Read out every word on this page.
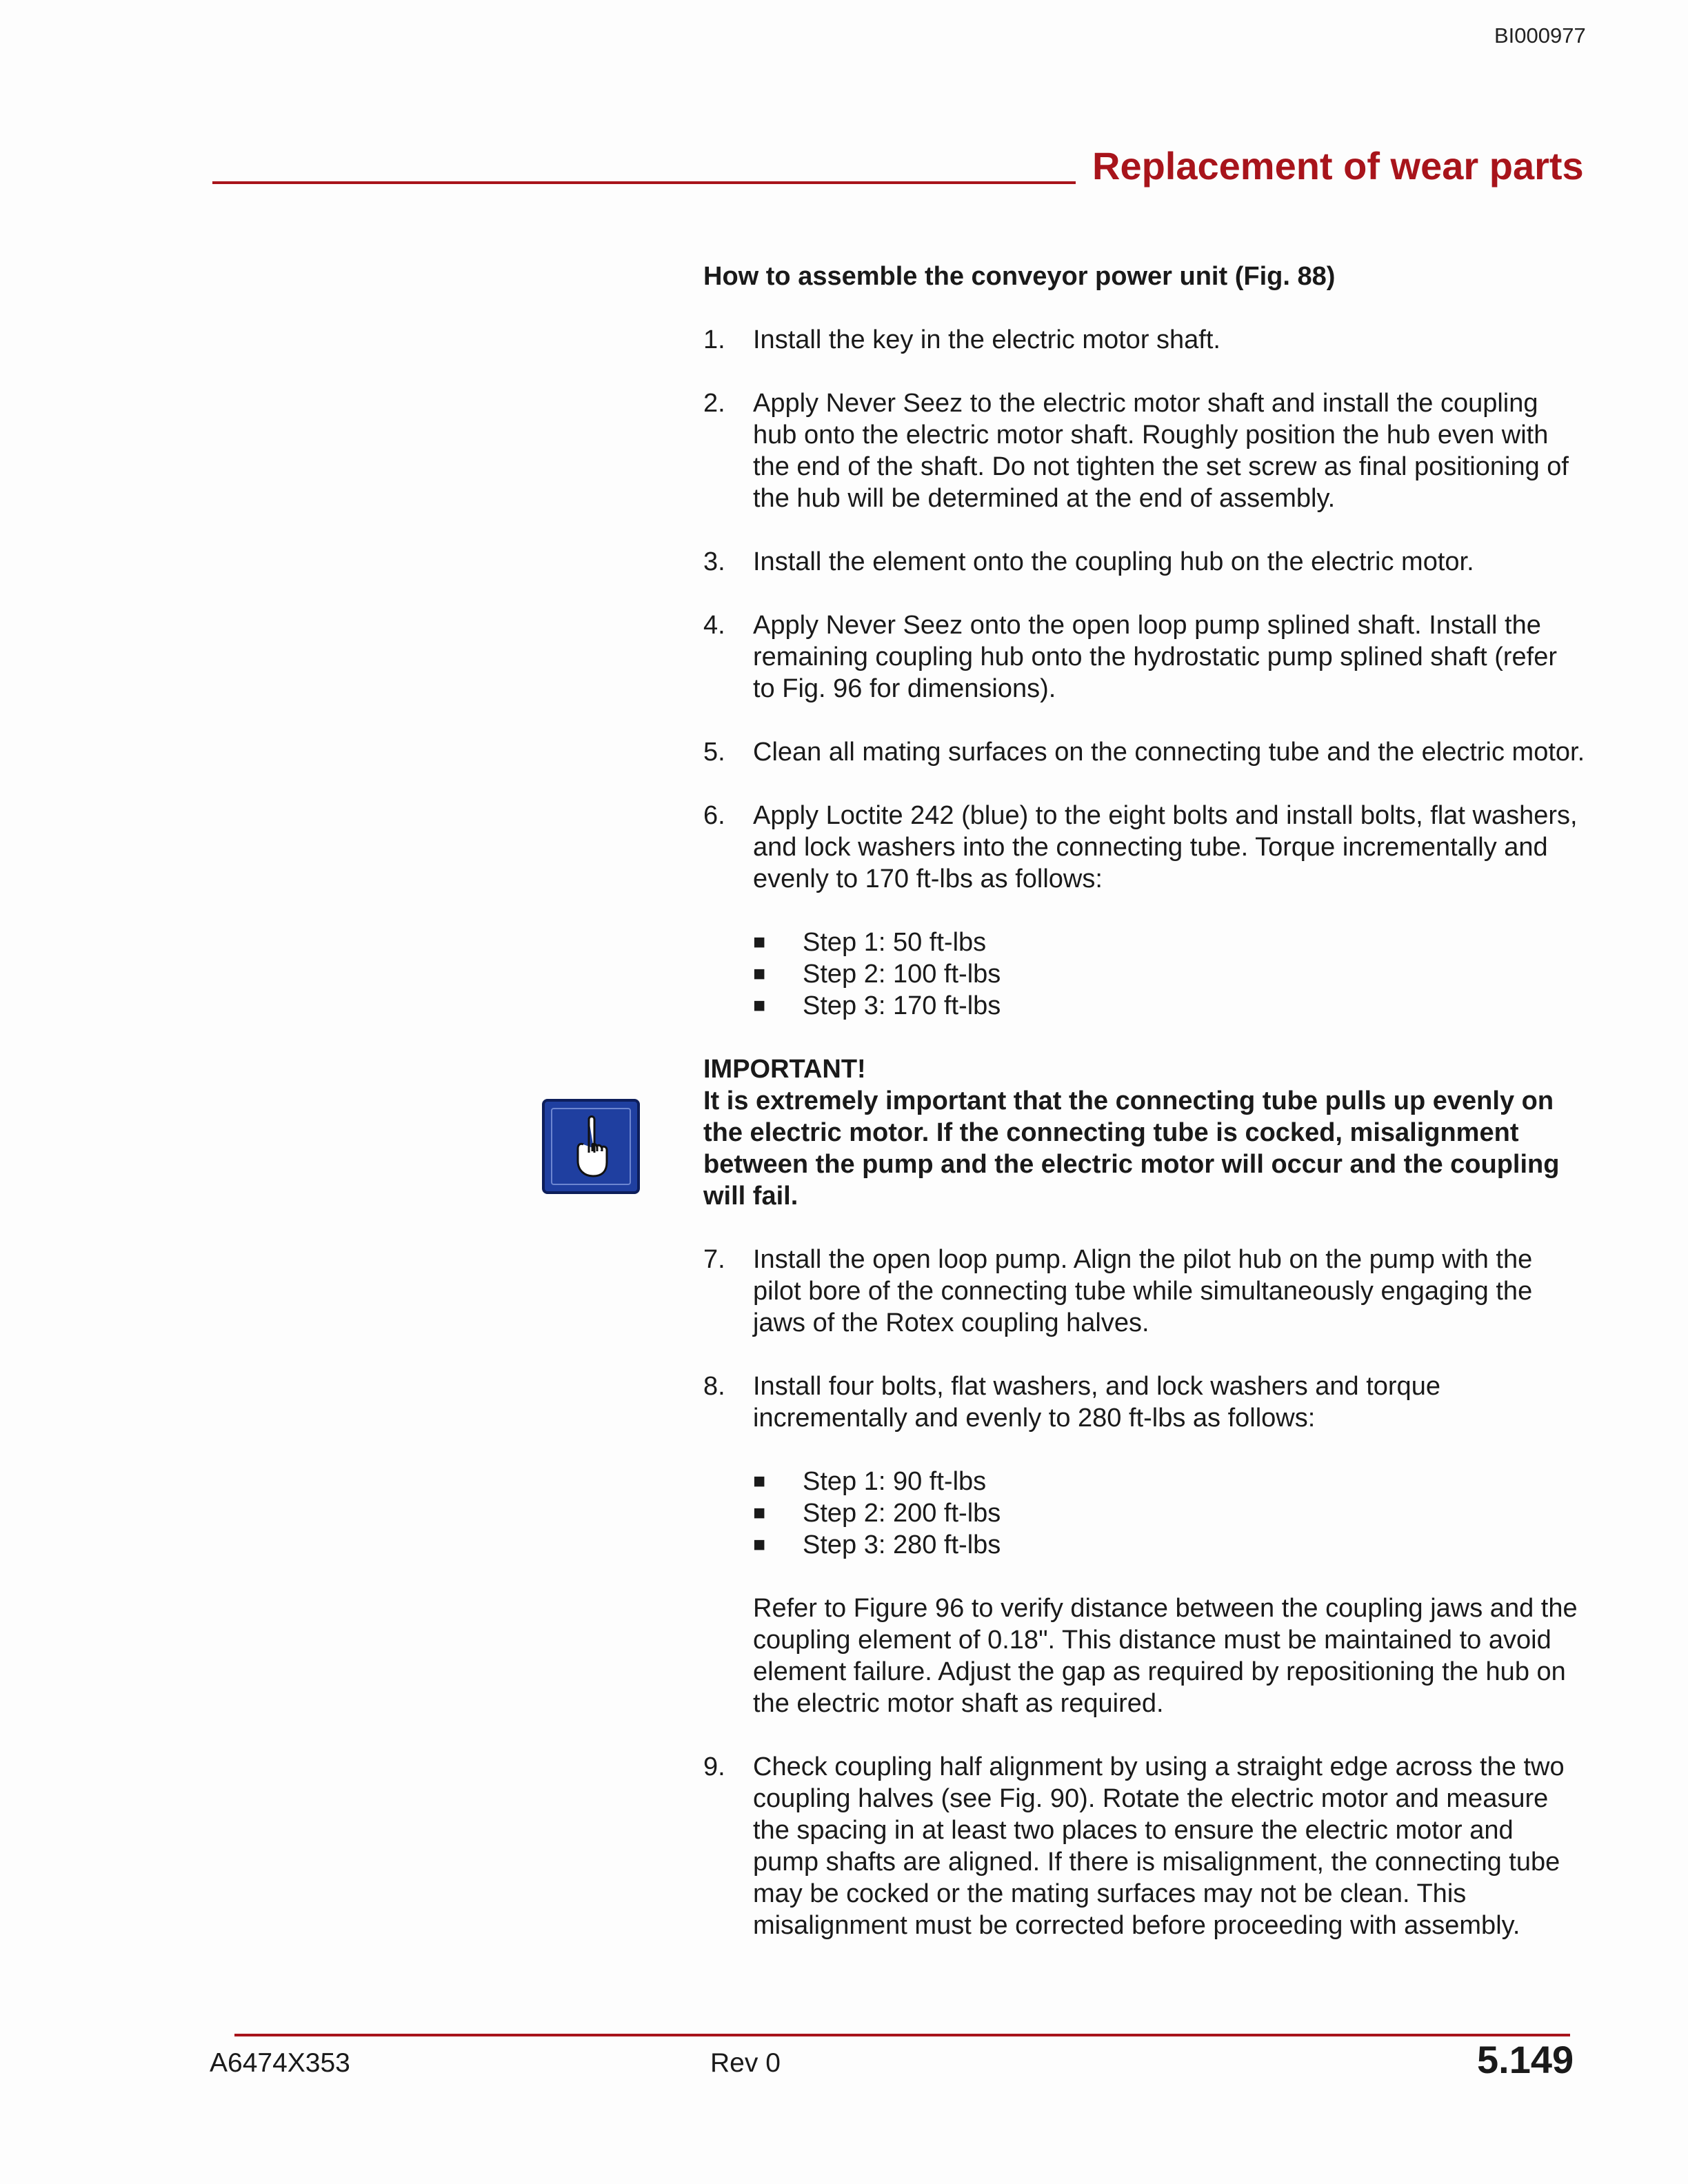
BI000977
Replacement of wear parts
How to assemble the conveyor power unit (Fig. 88)
1.	Install the key in the electric motor shaft.
2.	Apply Never Seez to the electric motor shaft and install the coupling hub onto the electric motor shaft. Roughly position the hub even with the end of the shaft. Do not tighten the set screw as final positioning of the hub will be determined at the end of assembly.
3.	Install the element onto the coupling hub on the electric motor.
4.	Apply Never Seez onto the open loop pump splined shaft. Install the remaining coupling hub onto the hydrostatic pump splined shaft (refer to Fig. 96 for dimensions).
5.	Clean all mating surfaces on the connecting tube and the electric motor.
6.	Apply Loctite 242 (blue) to the eight bolts and install bolts, flat washers, and lock washers into the connecting tube. Torque incrementally and evenly to 170 ft-lbs as follows:
■	Step 1: 50 ft-lbs
■	Step 2: 100 ft-lbs
■	Step 3: 170 ft-lbs
IMPORTANT!
It is extremely important that the connecting tube pulls up evenly on the electric motor. If the connecting tube is cocked, misalignment between the pump and the electric motor will occur and the coupling will fail.
7.	Install the open loop pump. Align the pilot hub on the pump with the pilot bore of the connecting tube while simultaneously engaging the jaws of the Rotex coupling halves.
8.	Install four bolts, flat washers, and lock washers and torque incrementally and evenly to 280 ft-lbs as follows:
■	Step 1: 90 ft-lbs
■	Step 2: 200 ft-lbs
■	Step 3: 280 ft-lbs
Refer to Figure 96 to verify distance between the coupling jaws and the coupling element of 0.18". This distance must be maintained to avoid element failure. Adjust the gap as required by repositioning the hub on the electric motor shaft as required.
9.	Check coupling half alignment by using a straight edge across the two coupling halves (see Fig. 90). Rotate the electric motor and measure the spacing in at least two places to ensure the electric motor and pump shafts are aligned. If there is misalignment, the connecting tube may be cocked or the mating surfaces may not be clean. This misalignment must be corrected before proceeding with assembly.
A6474X353	Rev 0	5.149
